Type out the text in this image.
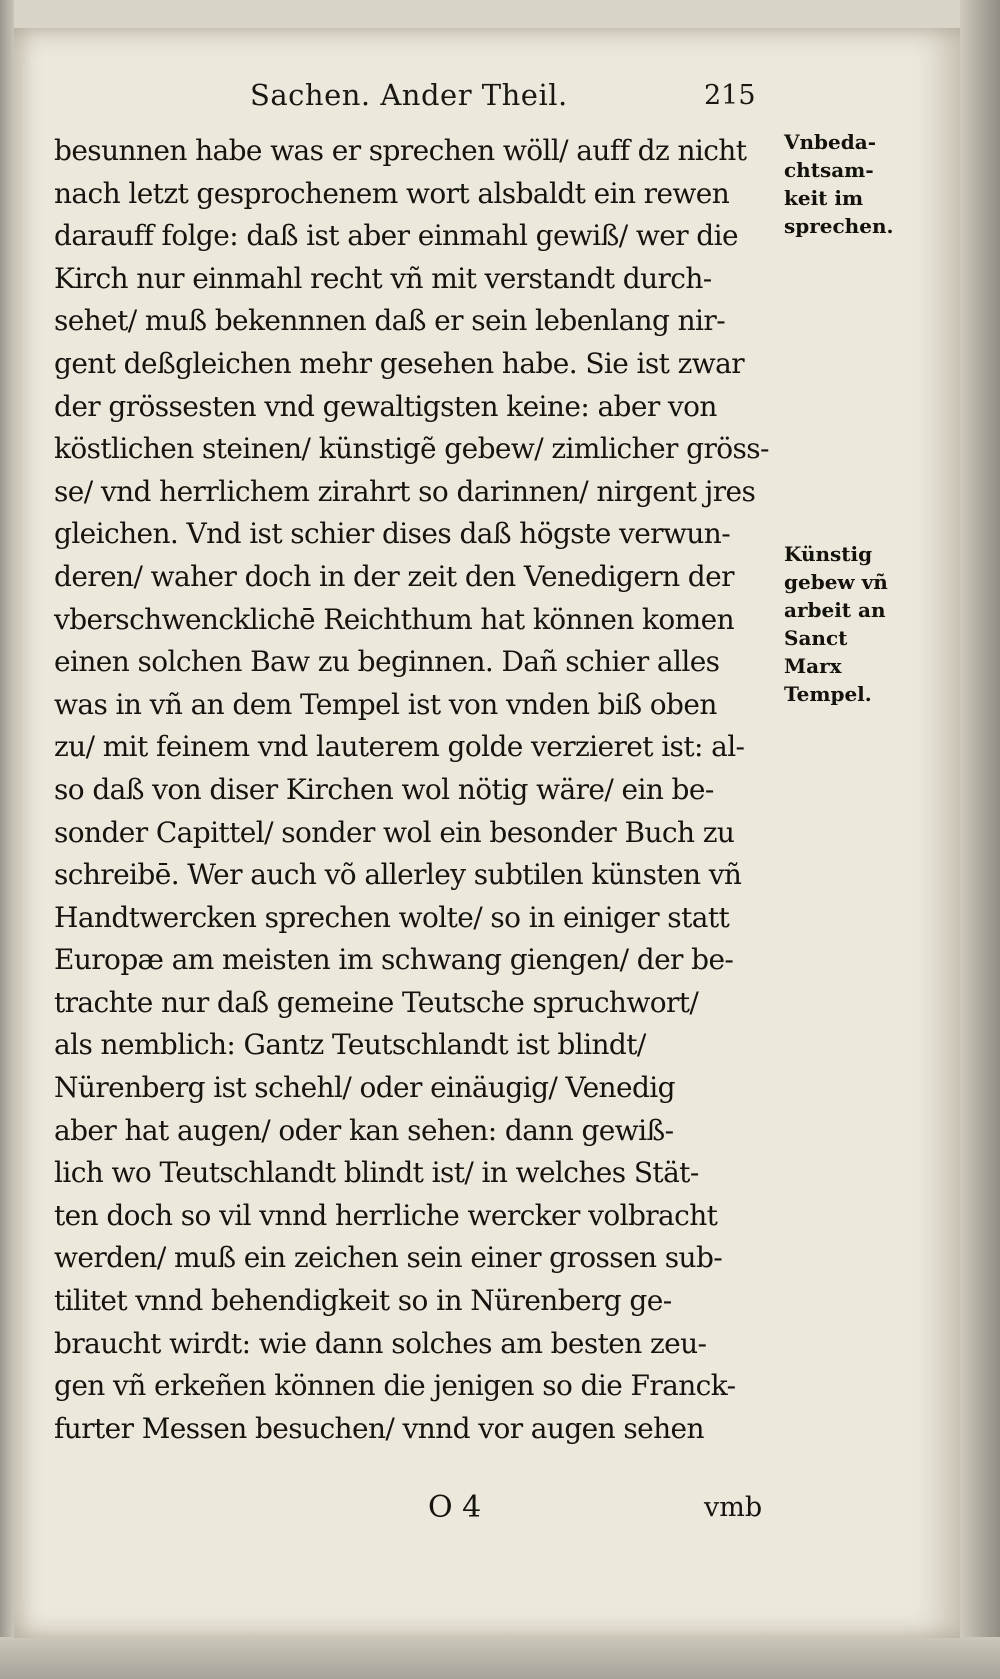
Sachen. Ander Theil.	215
besunnen habe was er sprechen wöll/ auff dz nicht
nach letzt gesprochenem wort alsbaldt ein rewen
darauff folge: daß ist aber einmahl gewiß/ wer die
Kirch nur einmahl recht vñ mit verstandt durch-
sehet/ muß bekennnen daß er sein lebenlang nir-
gent deßgleichen mehr gesehen habe. Sie ist zwar
der grössesten vnd gewaltigsten keine: aber von
köstlichen steinen/ künstigẽ gebew/ zimlicher gröss-
se/ vnd herrlichem zirahrt so darinnen/ nirgent jres
gleichen. Vnd ist schier dises daß högste verwun-
deren/ waher doch in der zeit den Venedigern der
vberschwencklichē Reichthum hat können komen
einen solchen Baw zu beginnen. Dañ schier alles
was in vñ an dem Tempel ist von vnden biß oben
zu/ mit feinem vnd lauterem golde verzieret ist: al-
so daß von diser Kirchen wol nötig wäre/ ein be-
sonder Capittel/ sonder wol ein besonder Buch zu
schreibē. Wer auch võ allerley subtilen künsten vñ
Handtwercken sprechen wolte/ so in einiger statt
Europæ am meisten im schwang giengen/ der be-
trachte nur daß gemeine Teutsche spruchwort/
als nemblich: Gantz Teutschlandt ist blindt/
Nürenberg ist schehl/ oder einäugig/ Venedig
aber hat augen/ oder kan sehen: dann gewiß-
lich wo Teutschlandt blindt ist/ in welches Stät-
ten doch so vil vnnd herrliche wercker volbracht
werden/ muß ein zeichen sein einer grossen sub-
tilitet vnnd behendigkeit so in Nürenberg ge-
braucht wirdt: wie dann solches am besten zeu-
gen vñ erkeñen können die jenigen so die Franck-
furter Messen besuchen/ vnnd vor augen sehen
Vnbeda-
chtsam-
keit im
sprechen.
Künstig
gebew vñ
arbeit an
Sanct
Marx
Tempel.
O 4	vmb
